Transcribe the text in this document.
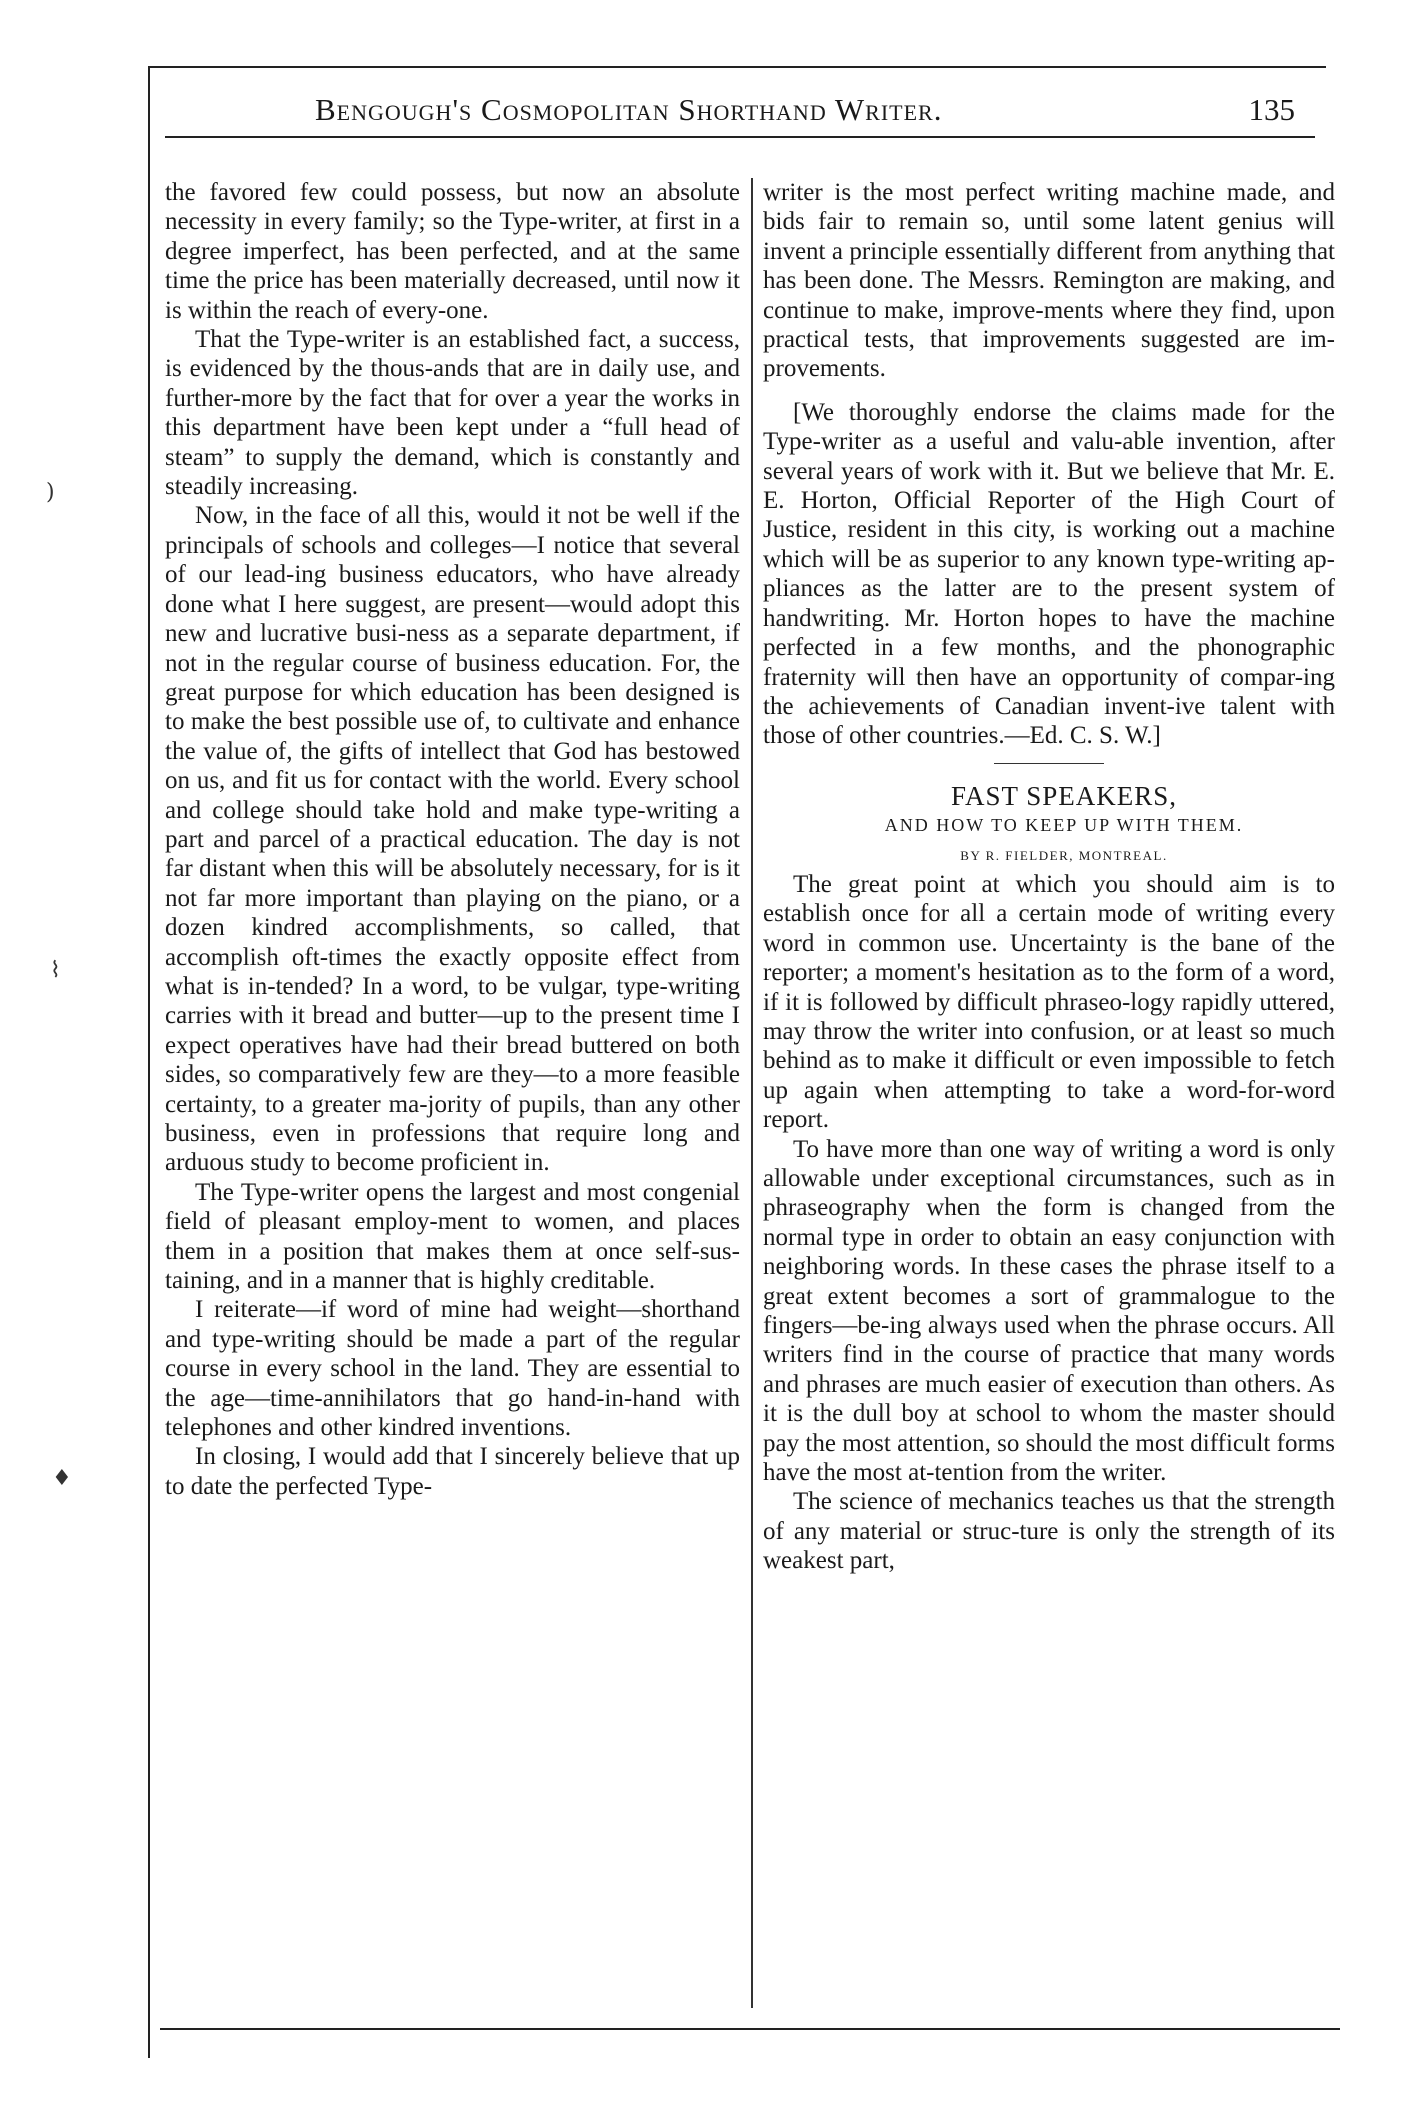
Bengough's Cosmopolitan Shorthand Writer.	135

the favored few could possess, but now an absolute necessity in every family; so the Type-writer, at first in a degree imperfect, has been perfected, and at the same time the price has been materially decreased, until now it is within the reach of every-one.

That the Type-writer is an established fact, a success, is evidenced by the thous-ands that are in daily use, and further-more by the fact that for over a year the works in this department have been kept under a “full head of steam” to supply the demand, which is constantly and steadily increasing.

Now, in the face of all this, would it not be well if the principals of schools and colleges—I notice that several of our lead-ing business educators, who have already done what I here suggest, are present—would adopt this new and lucrative busi-ness as a separate department, if not in the regular course of business education. For, the great purpose for which education has been designed is to make the best possible use of, to cultivate and enhance the value of, the gifts of intellect that God has bestowed on us, and fit us for contact with the world. Every school and college should take hold and make type-writing a part and parcel of a practical education. The day is not far distant when this will be absolutely necessary, for is it not far more important than playing on the piano, or a dozen kindred accomplishments, so called, that accomplish oft-times the exactly opposite effect from what is in-tended? In a word, to be vulgar, type-writing carries with it bread and butter—up to the present time I expect operatives have had their bread buttered on both sides, so comparatively few are they—to a more feasible certainty, to a greater ma-jority of pupils, than any other business, even in professions that require long and arduous study to become proficient in.

The Type-writer opens the largest and most congenial field of pleasant employ-ment to women, and places them in a position that makes them at once self-sus-taining, and in a manner that is highly creditable.

I reiterate—if word of mine had weight—shorthand and type-writing should be made a part of the regular course in every school in the land. They are essential to the age—time-annihilators that go hand-in-hand with telephones and other kindred inventions.

In closing, I would add that I sincerely believe that up to date the perfected Type-

writer is the most perfect writing machine made, and bids fair to remain so, until some latent genius will invent a principle essentially different from anything that has been done. The Messrs. Remington are making, and continue to make, improve-ments where they find, upon practical tests, that improvements suggested are im-provements.

[We thoroughly endorse the claims made for the Type-writer as a useful and valu-able invention, after several years of work with it. But we believe that Mr. E. E. Horton, Official Reporter of the High Court of Justice, resident in this city, is working out a machine which will be as superior to any known type-writing ap-pliances as the latter are to the present system of handwriting. Mr. Horton hopes to have the machine perfected in a few months, and the phonographic fraternity will then have an opportunity of compar-ing the achievements of Canadian invent-ive talent with those of other countries.—Ed. C. S. W.]

FAST SPEAKERS,

AND HOW TO KEEP UP WITH THEM.

BY R. FIELDER, MONTREAL.

The great point at which you should aim is to establish once for all a certain mode of writing every word in common use. Uncertainty is the bane of the reporter; a moment's hesitation as to the form of a word, if it is followed by difficult phraseo-logy rapidly uttered, may throw the writer into confusion, or at least so much behind as to make it difficult or even impossible to fetch up again when attempting to take a word-for-word report.

To have more than one way of writing a word is only allowable under exceptional circumstances, such as in phraseography when the form is changed from the normal type in order to obtain an easy conjunction with neighboring words. In these cases the phrase itself to a great extent becomes a sort of grammalogue to the fingers—be-ing always used when the phrase occurs. All writers find in the course of practice that many words and phrases are much easier of execution than others. As it is the dull boy at school to whom the master should pay the most attention, so should the most difficult forms have the most at-tention from the writer.

The science of mechanics teaches us that the strength of any material or struc-ture is only the strength of its weakest part,

)
⌇
♦
